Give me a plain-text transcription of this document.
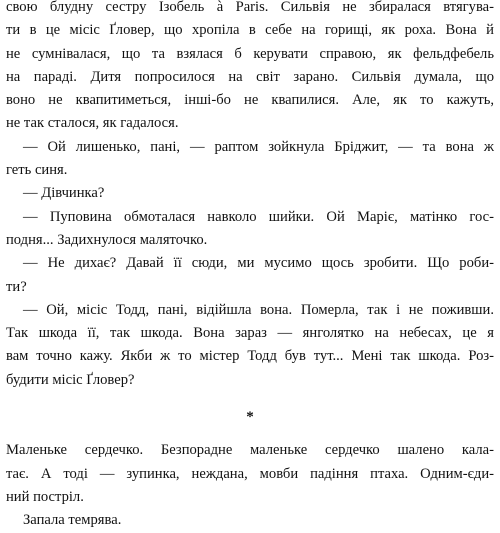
свою блудну сестру Ізобель à Paris. Сильвія не збиралася втягува-
ти в це місіс Ґловер, що хропіла в себе на горищі, як роха. Вона й
не сумнівалася, що та взялася б керувати справою, як фельдфебель
на параді. Дитя попросилося на світ зарано. Сильвія думала, що
воно не квапитиметься, інші-бо не квапилися. Але, як то кажуть,
не так сталося, як гадалося.
— Ой лишенько, пані, — раптом зойкнула Бріджит, — та вона ж
геть синя.
— Дівчинка?
— Пуповина обмоталася навколо шийки. Ой Маріє, матінко гос-
подня... Задихнулося маляточко.
— Не дихає? Давай її сюди, ми мусимо щось зробити. Що роби-
ти?
— Ой, місіс Тодд, пані, відійшла вона. Померла, так і не поживши.
Так шкода її, так шкода. Вона зараз — янголятко на небесах, це я
вам точно кажу. Якби ж то містер Тодд був тут... Мені так шкода. Роз-
будити місіс Ґловер?
*
Маленьке сердечко. Безпорадне маленьке сердечко шалено кала-
тає. А тоді — зупинка, неждана, мовби падіння птаха. Одним-єди-
ний постріл.
Запала темрява.
